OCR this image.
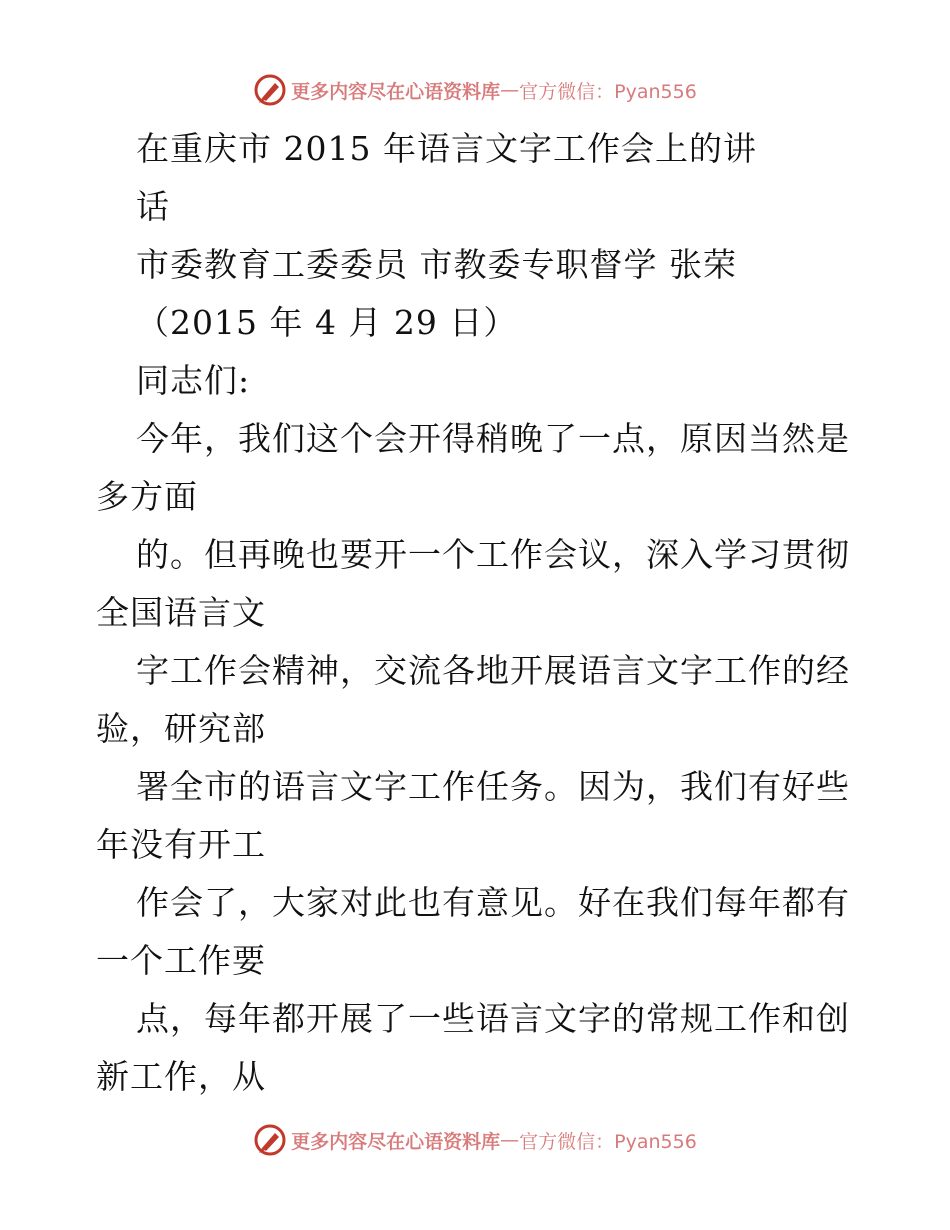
更多内容尽在心语资料库 — 官方微信：Pyan556
在重庆市 2015 年语言文字工作会上的讲
话
市委教育工委委员 市教委专职督学 张荣
（2015 年 4 月 29 日）
同志们:
今年，我们这个会开得稍晚了一点，原因当然是
多方面
的。但再晚也要开一个工作会议，深入学习贯彻
全国语言文
字工作会精神，交流各地开展语言文字工作的经
验，研究部
署全市的语言文字工作任务。因为，我们有好些
年没有开工
作会了，大家对此也有意见。好在我们每年都有
一个工作要
点，每年都开展了一些语言文字的常规工作和创
新工作，从
更多内容尽在心语资料库 — 官方微信：Pyan556
